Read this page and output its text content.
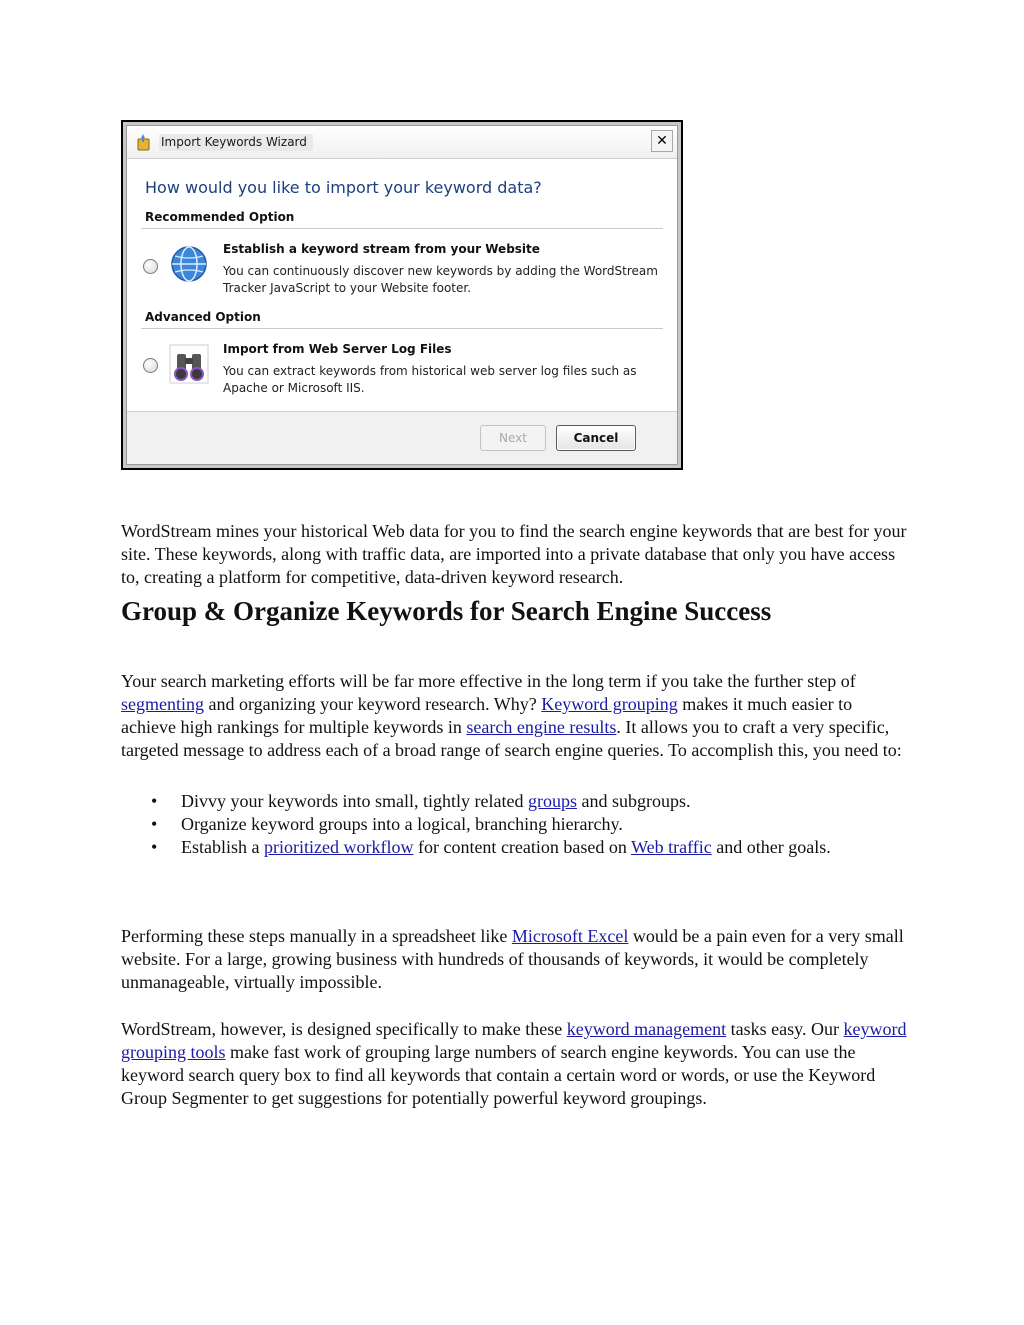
Import Keywords Wizard	✕
How would you like to import your keyword data?
Recommended Option
Establish a keyword stream from your Website
You can continuously discover new keywords by adding the WordStream Tracker JavaScript to your Website footer.
Advanced Option
Import from Web Server Log Files
You can extract keywords from historical web server log files such as Apache or Microsoft IIS.
Next	Cancel

WordStream mines your historical Web data for you to find the search engine keywords that are best for your site. These keywords, along with traffic data, are imported into a private database that only you have access to, creating a platform for competitive, data-driven keyword research.

Group & Organize Keywords for Search Engine Success

Your search marketing efforts will be far more effective in the long term if you take the further step of segmenting and organizing your keyword research. Why? Keyword grouping makes it much easier to achieve high rankings for multiple keywords in search engine results. It allows you to craft a very specific, targeted message to address each of a broad range of search engine queries. To accomplish this, you need to:

• Divvy your keywords into small, tightly related groups and subgroups.
• Organize keyword groups into a logical, branching hierarchy.
• Establish a prioritized workflow for content creation based on Web traffic and other goals.

Performing these steps manually in a spreadsheet like Microsoft Excel would be a pain even for a very small website. For a large, growing business with hundreds of thousands of keywords, it would be completely unmanageable, virtually impossible.

WordStream, however, is designed specifically to make these keyword management tasks easy. Our keyword grouping tools make fast work of grouping large numbers of search engine keywords. You can use the keyword search query box to find all keywords that contain a certain word or words, or use the Keyword Group Segmenter to get suggestions for potentially powerful keyword groupings.
